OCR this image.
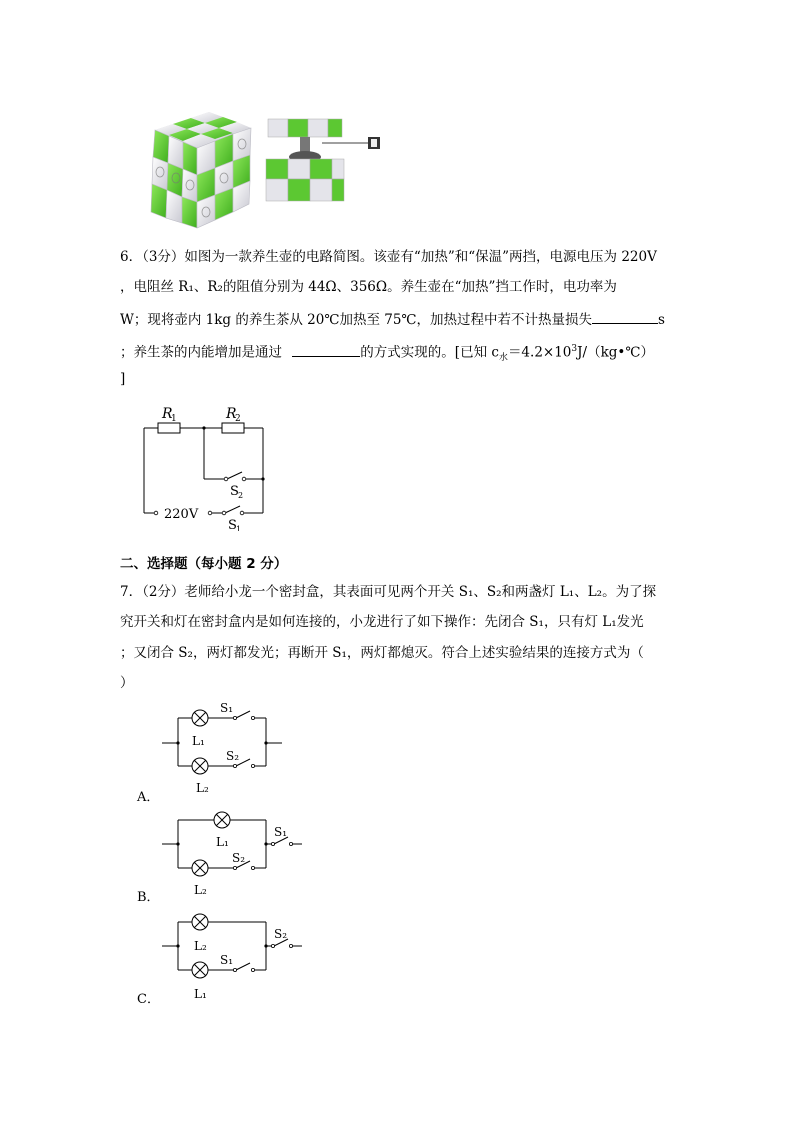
6．（3分）如图为一款养生壶的电路简图。该壶有“加热”和“保温”两挡，电源电压为 220V
，电阻丝 R₁、R₂的阻值分别为 44Ω、356Ω。养生壶在“加热”挡工作时，电功率为
W；现将壶内 1kg 的养生茶从 20℃加热至 75℃，加热过程中若不计热量损失	s
；养生茶的内能增加是通过	的方式实现的。[已知 $c_水=4.2\times 10^3J/(kg•℃)$
]
R
1	R
2
S 2
220V
S 1
二、选择题（每小题 2 分）
7．（2分）老师给小龙一个密封盒，其表面可见两个开关 S₁、S₂和两盏灯 L₁、L₂。为了探
究开关和灯在密封盒内是如何连接的，小龙进行了如下操作：先闭合 S₁，只有灯 L₁发光
；又闭合 S₂，两灯都发光；再断开 S₁，两灯都熄灭。符合上述实验结果的连接方式为（
）
L₁
S₁
L₂
S₂
A．
L₁
S₁
S₂
L₂
B．
L₂
S₂
S₁
L₁
C．
